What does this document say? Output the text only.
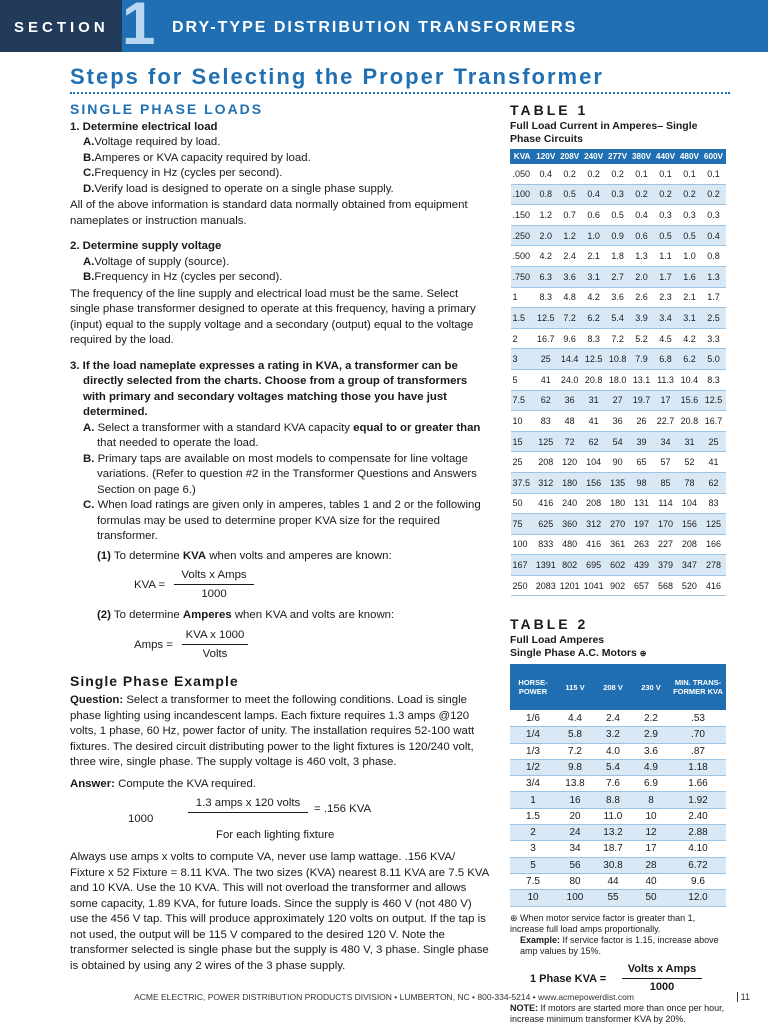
SECTION 1	DRY-TYPE DISTRIBUTION TRANSFORMERS
Steps for Selecting the Proper Transformer
SINGLE PHASE LOADS
1. Determine electrical load
A.Voltage required by load.
B.Amperes or KVA capacity required by load.
C.Frequency in Hz (cycles per second).
D.Verify load is designed to operate on a single phase supply.
All of the above information is standard data normally obtained from equipment nameplates or instruction manuals.
2. Determine supply voltage
A.Voltage of supply (source).
B.Frequency in Hz (cycles per second).
The frequency of the line supply and electrical load must be the same. Select single phase transformer designed to operate at this frequency, having a primary (input) equal to the supply voltage and a secondary (output) equal to the voltage required by the load.
3. If the load nameplate expresses a rating in KVA, a transformer can be directly selected from the charts. Choose from a group of transformers with primary and secondary voltages matching those you have just determined.
A. Select a transformer with a standard KVA capacity equal to or greater than that needed to operate the load.
B. Primary taps are available on most models to compensate for line voltage variations. (Refer to question #2 in the Transformer Questions and Answers Section on page 6.)
C. When load ratings are given only in amperes, tables 1 and 2 or the following formulas may be used to determine proper KVA size for the required transformer.
(1) To determine KVA when volts and amperes are known:
KVA =
Volts x Amps
1000
(2) To determine Amperes when KVA and volts are known:
Amps =
KVA x 1000
Volts
Single Phase Example
Question: Select a transformer to meet the following conditions. Load is single phase lighting using incandescent lamps. Each fixture requires 1.3 amps @120 volts, 1 phase, 60 Hz, power factor of unity. The installation requires 52-100 watt fixtures. The desired circuit distributing power to the light fixtures is 120/240 volt, three wire, single phase. The supply voltage is 460 volt, 3 phase.
Answer: Compute the KVA required.
1.3 amps x 120 volts	= .156 KVA
1000
For each lighting fixture
Always use amps x volts to compute VA, never use lamp wattage. .156 KVA/ Fixture x 52 Fixture = 8.11 KVA. The two sizes (KVA) nearest 8.11 KVA are 7.5 KVA and 10 KVA. Use the 10 KVA. This will not overload the transformer and allows some capacity, 1.89 KVA, for future loads. Since the supply is 460 V (not 480 V) use the 456 V tap. This will produce approximately 120 volts on output. If the tap is not used, the output will be 115 V compared to the desired 120 V. Note the transformer selected is single phase but the supply is 480 V, 3 phase. Single phase is obtained by using any 2 wires of the 3 phase supply.
TABLE 1
Full Load Current in Amperes– Single Phase Circuits
KVA	120V	208V	240V	277V	380V	440V	480V	600V
.050	0.4	0.2	0.2	0.2	0.1	0.1	0.1	0.1
.100	0.8	0.5	0.4	0.3	0.2	0.2	0.2	0.2
.150	1.2	0.7	0.6	0.5	0.4	0.3	0.3	0.3
.250	2.0	1.2	1.0	0.9	0.6	0.5	0.5	0.4
.500	4.2	2.4	2.1	1.8	1.3	1.1	1.0	0.8
.750	6.3	3.6	3.1	2.7	2.0	1.7	1.6	1.3
1	8.3	4.8	4.2	3.6	2.6	2.3	2.1	1.7
1.5	12.5	7.2	6.2	5.4	3.9	3.4	3.1	2.5
2	16.7	9.6	8.3	7.2	5.2	4.5	4.2	3.3
3	25	14.4	12.5	10.8	7.9	6.8	6.2	5.0
5	41	24.0	20.8	18.0	13.1	11.3	10.4	8.3
7.5	62	36	31	27	19.7	17	15.6	12.5
10	83	48	41	36	26	22.7	20.8	16.7
15	125	72	62	54	39	34	31	25
25	208	120	104	90	65	57	52	41
37.5	312	180	156	135	98	85	78	62
50	416	240	208	180	131	114	104	83
75	625	360	312	270	197	170	156	125
100	833	480	416	361	263	227	208	166
167	1391	802	695	602	439	379	347	278
250	2083	1201	1041	902	657	568	520	416
TABLE 2
Full Load Amperes
Single Phase A.C. Motors ⊕
HORSE-POWER	115 V	208 V	230 V	MIN. TRANS-FORMER KVA
1/6	4.4	2.4	2.2	.53
1/4	5.8	3.2	2.9	.70
1/3	7.2	4.0	3.6	.87
1/2	9.8	5.4	4.9	1.18
3/4	13.8	7.6	6.9	1.66
1	16	8.8	8	1.92
1.5	20	11.0	10	2.40
2	24	13.2	12	2.88
3	34	18.7	17	4.10
5	56	30.8	28	6.72
7.5	80	44	40	9.6
10	100	55	50	12.0
⊕ When motor service factor is greater than 1, increase full load amps proportionally.
Example: If service factor is 1.15, increase above amp values by 15%.
1 Phase KVA =
Volts x Amps
1000
NOTE: If motors are started more than once per hour, increase minimum transformer KVA by 20%.
ACME ELECTRIC, POWER DISTRIBUTION PRODUCTS DIVISION • LUMBERTON, NC • 800-334-5214 • www.acmepowerdist.com	11
